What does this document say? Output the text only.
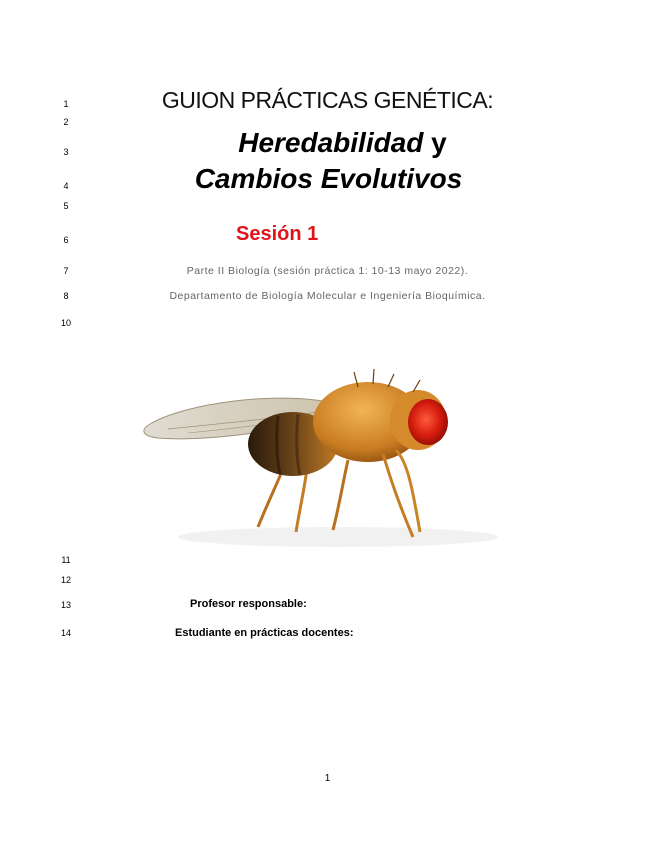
1
2
3
4
5
6
7
8
10
11
12
13
14
GUION PRÁCTICAS GENÉTICA:
Heredabilidad y
Cambios Evolutivos
Sesión 1
Parte II Biología (sesión práctica 1: 10-13 mayo 2022).
Departamento de Biología Molecular e Ingeniería Bioquímica.
Profesor responsable:
Estudiante en prácticas docentes:
1
